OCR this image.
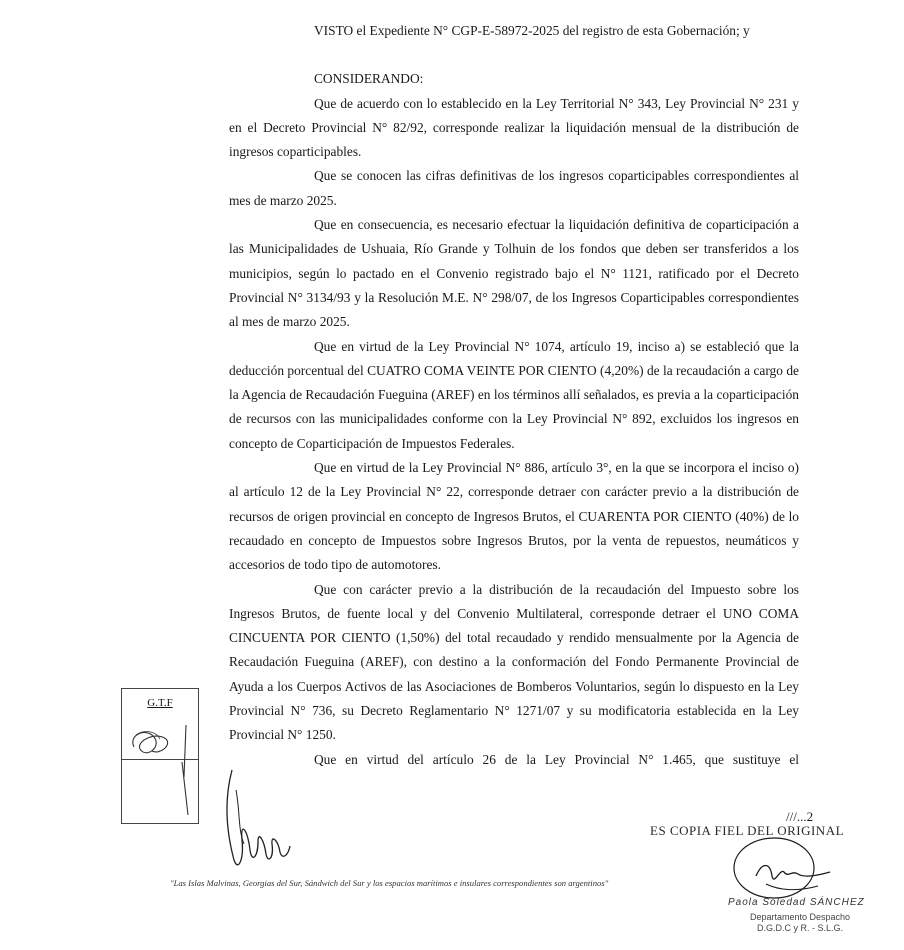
VISTO el Expediente N° CGP-E-58972-2025 del registro de esta Gobernación; y

CONSIDERANDO:

Que de acuerdo con lo establecido en la Ley Territorial N° 343, Ley Provincial N° 231 y en el Decreto Provincial N° 82/92, corresponde realizar la liquidación mensual de la distribución de ingresos coparticipables.

Que se conocen las cifras definitivas de los ingresos coparticipables correspondientes al mes de marzo 2025.

Que en consecuencia, es necesario efectuar la liquidación definitiva de coparticipación a las Municipalidades de Ushuaia, Río Grande y Tolhuin de los fondos que deben ser transferidos a los municipios, según lo pactado en el Convenio registrado bajo el N° 1121, ratificado por el Decreto Provincial N° 3134/93 y la Resolución M.E. N° 298/07, de los Ingresos Coparticipables correspondientes al mes de marzo 2025.

Que en virtud de la Ley Provincial N° 1074, artículo 19, inciso a) se estableció que la deducción porcentual del CUATRO COMA VEINTE POR CIENTO (4,20%) de la recaudación a cargo de la Agencia de Recaudación Fueguina (AREF) en los términos allí señalados, es previa a la coparticipación de recursos con las municipalidades conforme con la Ley Provincial N° 892, excluidos los ingresos en concepto de Coparticipación de Impuestos Federales.

Que en virtud de la Ley Provincial N° 886, artículo 3°, en la que se incorpora el inciso o) al artículo 12 de la Ley Provincial N° 22, corresponde detraer con carácter previo a la distribución de recursos de origen provincial en concepto de Ingresos Brutos, el CUARENTA POR CIENTO (40%) de lo recaudado en concepto de Impuestos sobre Ingresos Brutos, por la venta de repuestos, neumáticos y accesorios de todo tipo de automotores.

Que con carácter previo a la distribución de la recaudación del Impuesto sobre los Ingresos Brutos, de fuente local y del Convenio Multilateral, corresponde detraer el UNO COMA CINCUENTA POR CIENTO (1,50%) del total recaudado y rendido mensualmente por la Agencia de Recaudación Fueguina (AREF), con destino a la conformación del Fondo Permanente Provincial de Ayuda a los Cuerpos Activos de las Asociaciones de Bomberos Voluntarios, según lo dispuesto en la Ley Provincial N° 736, su Decreto Reglamentario N° 1271/07 y su modificatoria establecida en la Ley Provincial N° 1250.

Que en virtud del artículo 26 de la Ley Provincial N° 1.465, que sustituye el

///...2
ES COPIA FIEL DEL ORIGINAL
G.T.F
"Las Islas Malvinas, Georgias del Sur, Sándwich del Sur y los espacios marítimos e insulares correspondientes son argentinos"
Paola Soledad SÁNCHEZ
Departamento Despacho
D.G.D.C y R. - S.L.G.
